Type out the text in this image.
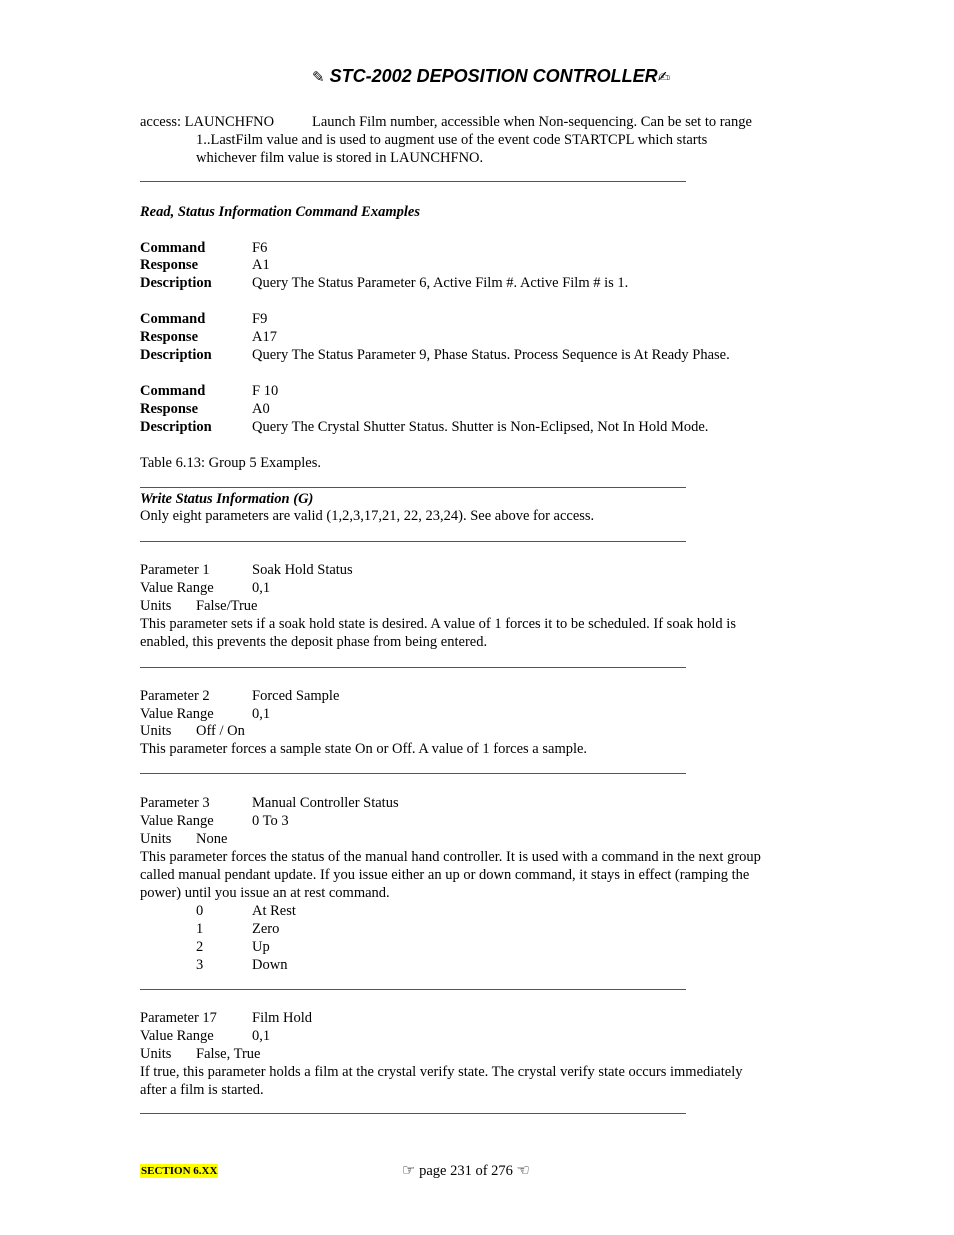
✎ STC-2002 DEPOSITION CONTROLLER✍
access: LAUNCHFNO	Launch Film number, accessible when Non-sequencing. Can be set to range
1..LastFilm value and is used to augment use of the event code STARTCPL which starts
whichever film value is stored in LAUNCHFNO.
Read, Status Information Command Examples
Command	F6
Response	A1
Description	Query The Status Parameter 6, Active Film #. Active Film # is 1.
Command	F9
Response	A17
Description	Query The Status Parameter 9, Phase Status. Process Sequence is At Ready Phase.
Command	F 10
Response	A0
Description	Query The Crystal Shutter Status. Shutter is Non-Eclipsed, Not In Hold Mode.
Table 6.13: Group 5 Examples.
Write Status Information (G)
Only eight parameters are valid (1,2,3,17,21, 22, 23,24). See above for access.
Parameter 1	Soak Hold Status
Value Range	0,1
Units False/True
This parameter sets if a soak hold state is desired. A value of 1 forces it to be scheduled. If soak hold is
enabled, this prevents the deposit phase from being entered.
Parameter 2	Forced Sample
Value Range	0,1
Units Off / On
This parameter forces a sample state On or Off. A value of 1 forces a sample.
Parameter 3	Manual Controller Status
Value Range	0 To 3
Units None
This parameter forces the status of the manual hand controller. It is used with a command in the next group
called manual pendant update. If you issue either an up or down command, it stays in effect (ramping the
power) until you issue an at rest command.
0	At Rest
1	Zero
2	Up
3	Down
Parameter 17 Film Hold
Value Range	0,1
Units False, True
If true, this parameter holds a film at the crystal verify state. The crystal verify state occurs immediately
after a film is started.
SECTION 6.XX	☞ page 231 of 276 ☜
